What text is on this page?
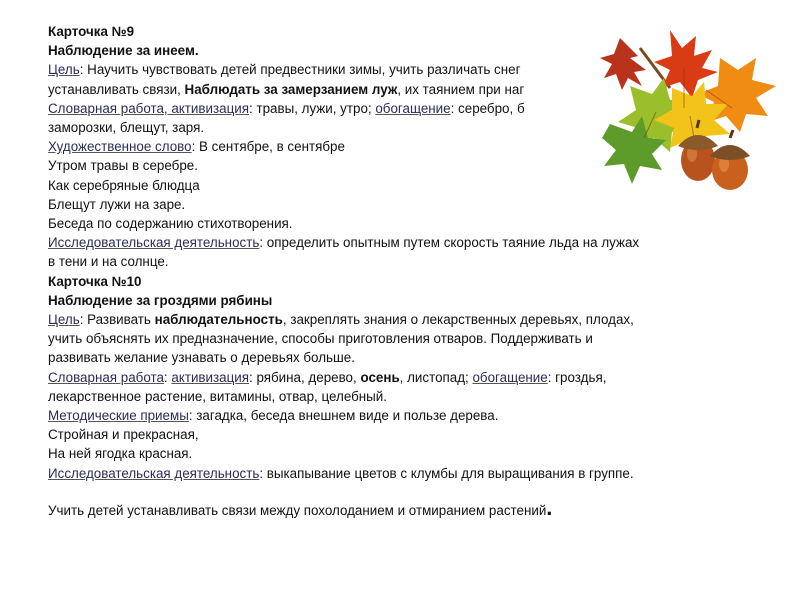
Карточка №9

Наблюдение за инеем.

Цель: Научить чувствовать детей предвестники зимы, учить различать снег

устанавливать связи, Наблюдать за замерзанием луж, их таянием при наг

Словарная работа, активизация: травы, лужи, утро; обогащение: серебро, б

заморозки, блещут, заря.

Художественное слово: В сентябре, в сентябре

Утром травы в серебре.

Как серебряные блюдца

Блещут лужи на заре.

Беседа по содержанию стихотворения.

Исследовательская деятельность: определить опытным путем скорость таяние льда на лужах

в тени и на солнце.

Карточка №10

Наблюдение за гроздями рябины

Цель: Развивать наблюдательность, закреплять знания о лекарственных деревьях, плодах,

учить объяснять их предназначение, способы приготовления отваров. Поддерживать и

развивать желание узнавать о деревьях больше.

Словарная работа: активизация: рябина, дерево, осень, листопад; обогащение: гроздья,

лекарственное растение, витамины, отвар, целебный.

Методические приемы: загадка, беседа внешнем виде и пользе дерева.

Стройная и прекрасная,

На ней ягодка красная.

Исследовательская деятельность: выкапывание цветов с клумбы для выращивания в группе.

Учить детей устанавливать связи между похолоданием и отмиранием растений.
